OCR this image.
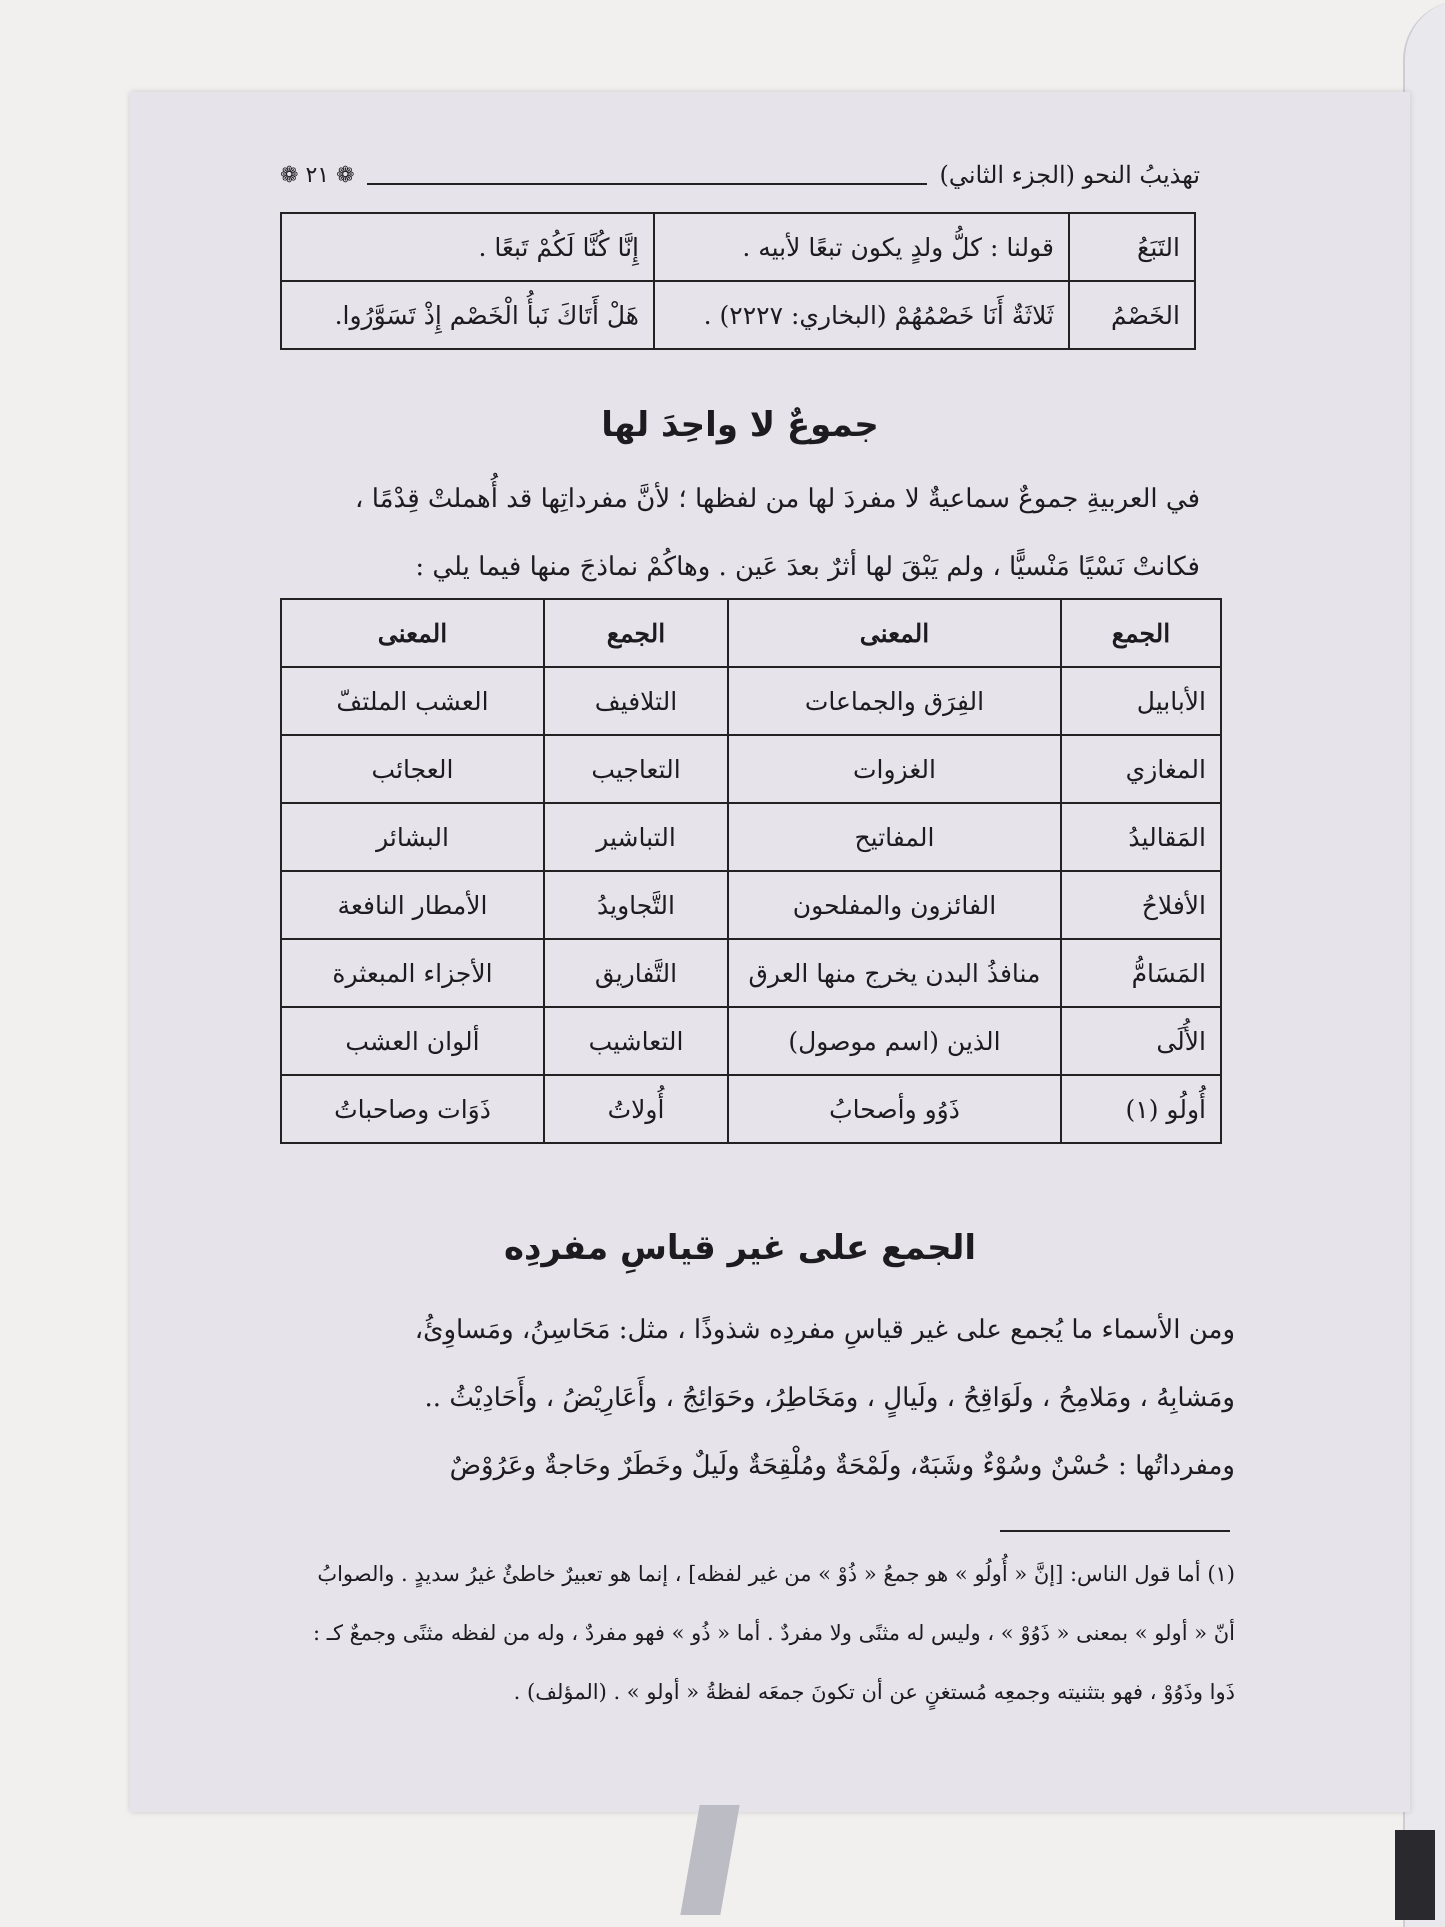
تهذيبُ النحو (الجزء الثاني)
❁ ٢١ ❁
التَبَعُ	قولنا : كلُّ ولدٍ يكون تبعًا لأبيه .	إِنَّا كُنَّا لَكُمْ تَبعًا .
الخَصْمُ	ثَلاثَةٌ أَنَا خَصْمُهُمْ (البخاري: ٢٢٢٧) .	هَلْ أَتَاكَ نَبأُ الْخَصْم إِذْ تَسَوَّرُوا.
جموعٌ لا واحِدَ لها
في العربيةِ جموعٌ سماعيةٌ لا مفردَ لها من لفظها ؛ لأنَّ مفرداتِها قد أُهملتْ قِدْمًا ،
فكانتْ نَسْيًا مَنْسيًّا ، ولم يَبْقَ لها أثرٌ بعدَ عَين . وهاكُمْ نماذجَ منها فيما يلي :
الجمع	المعنى	الجمع	المعنى
الأبابيل	الفِرَق والجماعات	التلافيف	العشب الملتفّ
المغازي	الغزوات	التعاجيب	العجائب
المَقاليدُ	المفاتيح	التباشير	البشائر
الأفلاحُ	الفائزون والمفلحون	التَّجاويدُ	الأمطار النافعة
المَسَامُّ	منافذُ البدن يخرج منها العرق	التَّفاريق	الأجزاء المبعثرة
الأُلَى	الذين (اسم موصول)	التعاشيب	ألوان العشب
أُولُو (١)	ذَوُو وأصحابُ	أُولاتُ	ذَوَات وصاحباتُ
الجمع على غير قياسِ مفردِه
ومن الأسماء ما يُجمع على غير قياسِ مفردِه شذوذًا ، مثل: مَحَاسِنُ، ومَساوِئُ،
ومَشابِهُ ، ومَلامِحُ ، ولَوَاقِحُ ، ولَيالٍ ، ومَخَاطِرُ، وحَوَائِجُ ، وأَعَارِيْضُ ، وأَحَادِيْثُ ..
ومفرداتُها : حُسْنٌ وسُوْءٌ وشَبَهٌ، ولَمْحَةٌ ومُلْقِحَةٌ ولَيلٌ وخَطَرٌ وحَاجةٌ وعَرُوْضٌ
(١) أما قول الناس: [إنَّ « أُولُو » هو جمعُ « ذُوْ » من غير لفظه] ، إنما هو تعبيرٌ خاطئٌ غيرُ سديدٍ . والصوابُ
أنّ « أولو » بمعنى « ذَوُوْ » ، وليس له مثنًى ولا مفردٌ . أما « ذُو » فهو مفردٌ ، وله من لفظه مثنًى وجمعٌ كـ :
ذَوا وذَوُوْ ، فهو بتثنيته وجمعِه مُستغنٍ عن أن تكونَ جمعَه لفظةُ « أولو » . (المؤلف) .
